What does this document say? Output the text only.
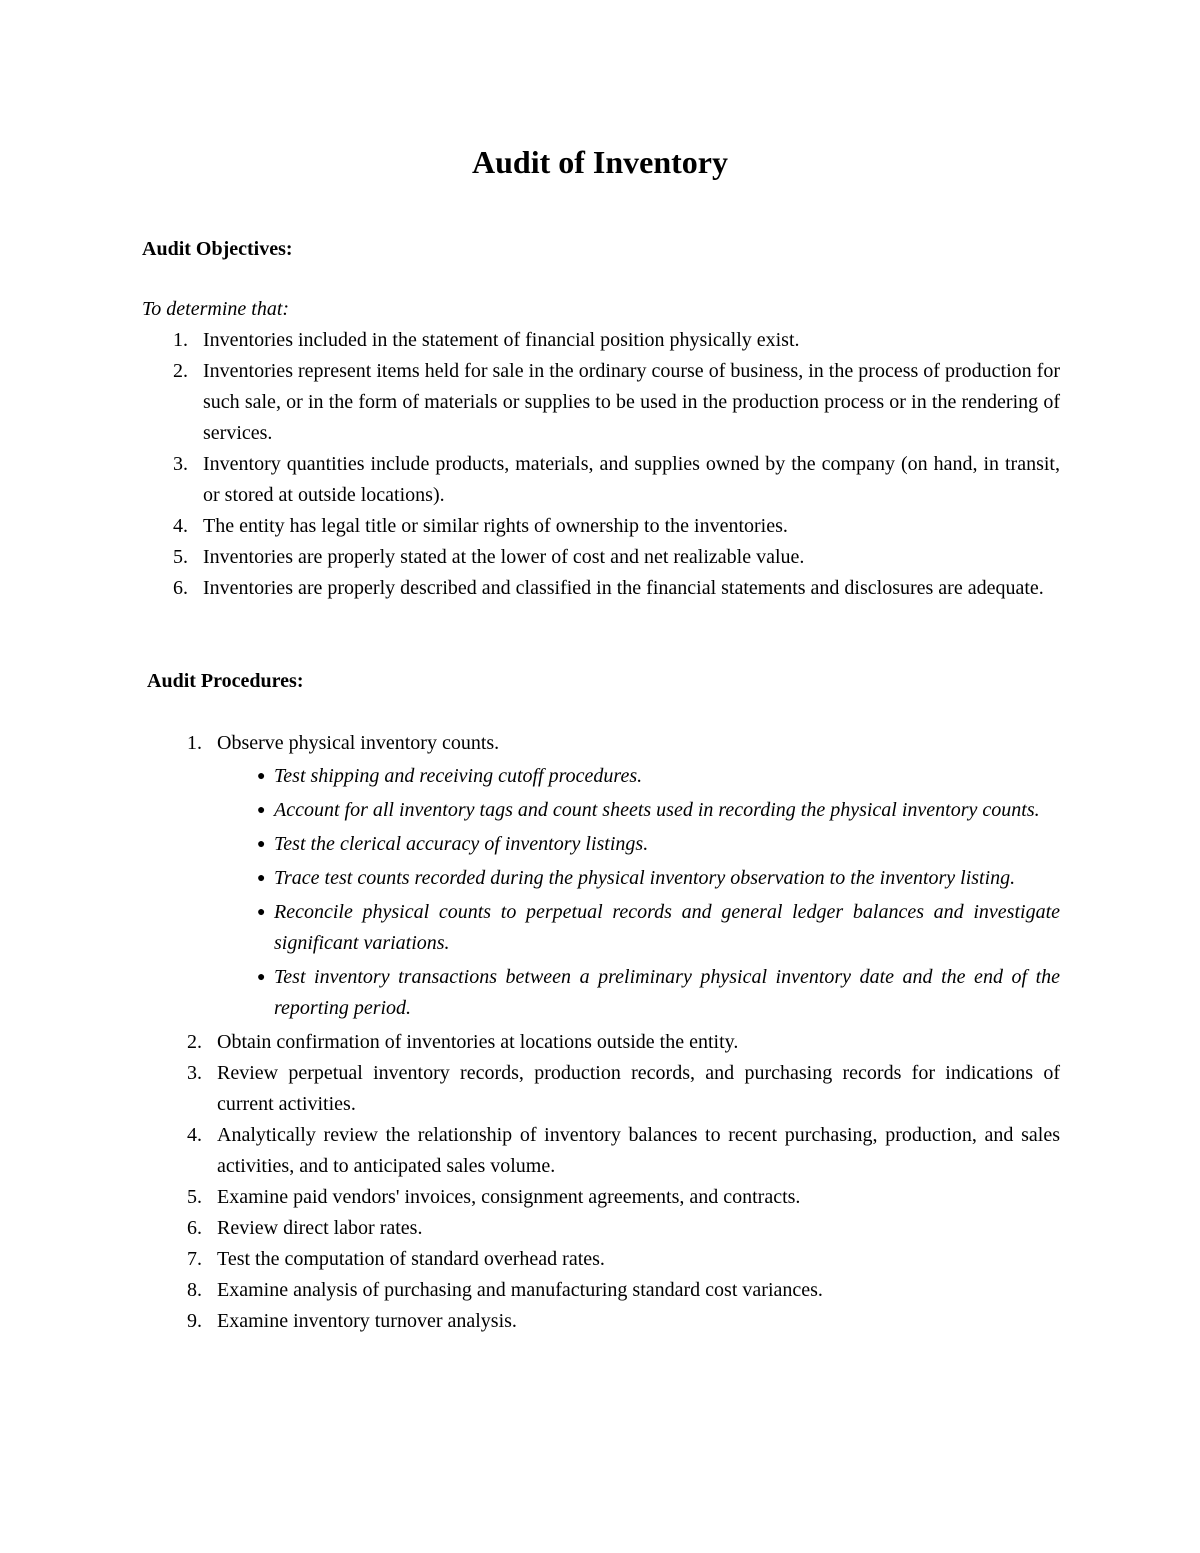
Audit of Inventory
Audit Objectives:

To determine that:

1. Inventories included in the statement of financial position physically exist.
2. Inventories represent items held for sale in the ordinary course of business, in the process of production for such sale, or in the form of materials or supplies to be used in the production process or in the rendering of services.
3. Inventory quantities include products, materials, and supplies owned by the company (on hand, in transit, or stored at outside locations).
4. The entity has legal title or similar rights of ownership to the inventories.
5. Inventories are properly stated at the lower of cost and net realizable value.
6. Inventories are properly described and classified in the financial statements and disclosures are adequate.
Audit Procedures:
1. Observe physical inventory counts.
● Test shipping and receiving cutoff procedures.
● Account for all inventory tags and count sheets used in recording the physical inventory counts.
● Test the clerical accuracy of inventory listings.
● Trace test counts recorded during the physical inventory observation to the inventory listing.
● Reconcile physical counts to perpetual records and general ledger balances and investigate significant variations.
● Test inventory transactions between a preliminary physical inventory date and the end of the reporting period.
2. Obtain confirmation of inventories at locations outside the entity.
3. Review perpetual inventory records, production records, and purchasing records for indications of current activities.
4. Analytically review the relationship of inventory balances to recent purchasing, production, and sales activities, and to anticipated sales volume.
5. Examine paid vendors' invoices, consignment agreements, and contracts.
6. Review direct labor rates.
7. Test the computation of standard overhead rates.
8. Examine analysis of purchasing and manufacturing standard cost variances.
9. Examine inventory turnover analysis.
